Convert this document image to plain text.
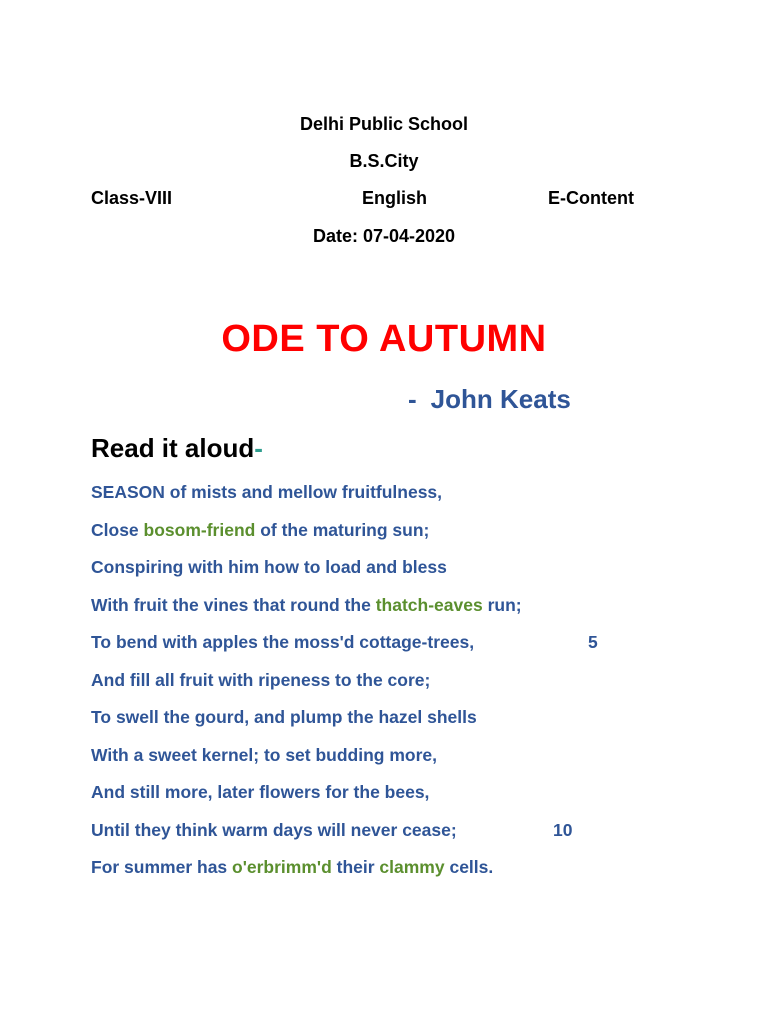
Delhi Public School
B.S.City
Class-VIII	English	E-Content
Date: 07-04-2020
ODE TO AUTUMN
- John Keats
Read it aloud-
SEASON of mists and mellow fruitfulness,
Close bosom-friend of the maturing sun;
Conspiring with him how to load and bless
With fruit the vines that round the thatch-eaves run;
To bend with apples the moss'd cottage-trees,	5
And fill all fruit with ripeness to the core;
To swell the gourd, and plump the hazel shells
With a sweet kernel; to set budding more,
And still more, later flowers for the bees,
Until they think warm days will never cease;	10
For summer has o'erbrimm'd their clammy cells.
